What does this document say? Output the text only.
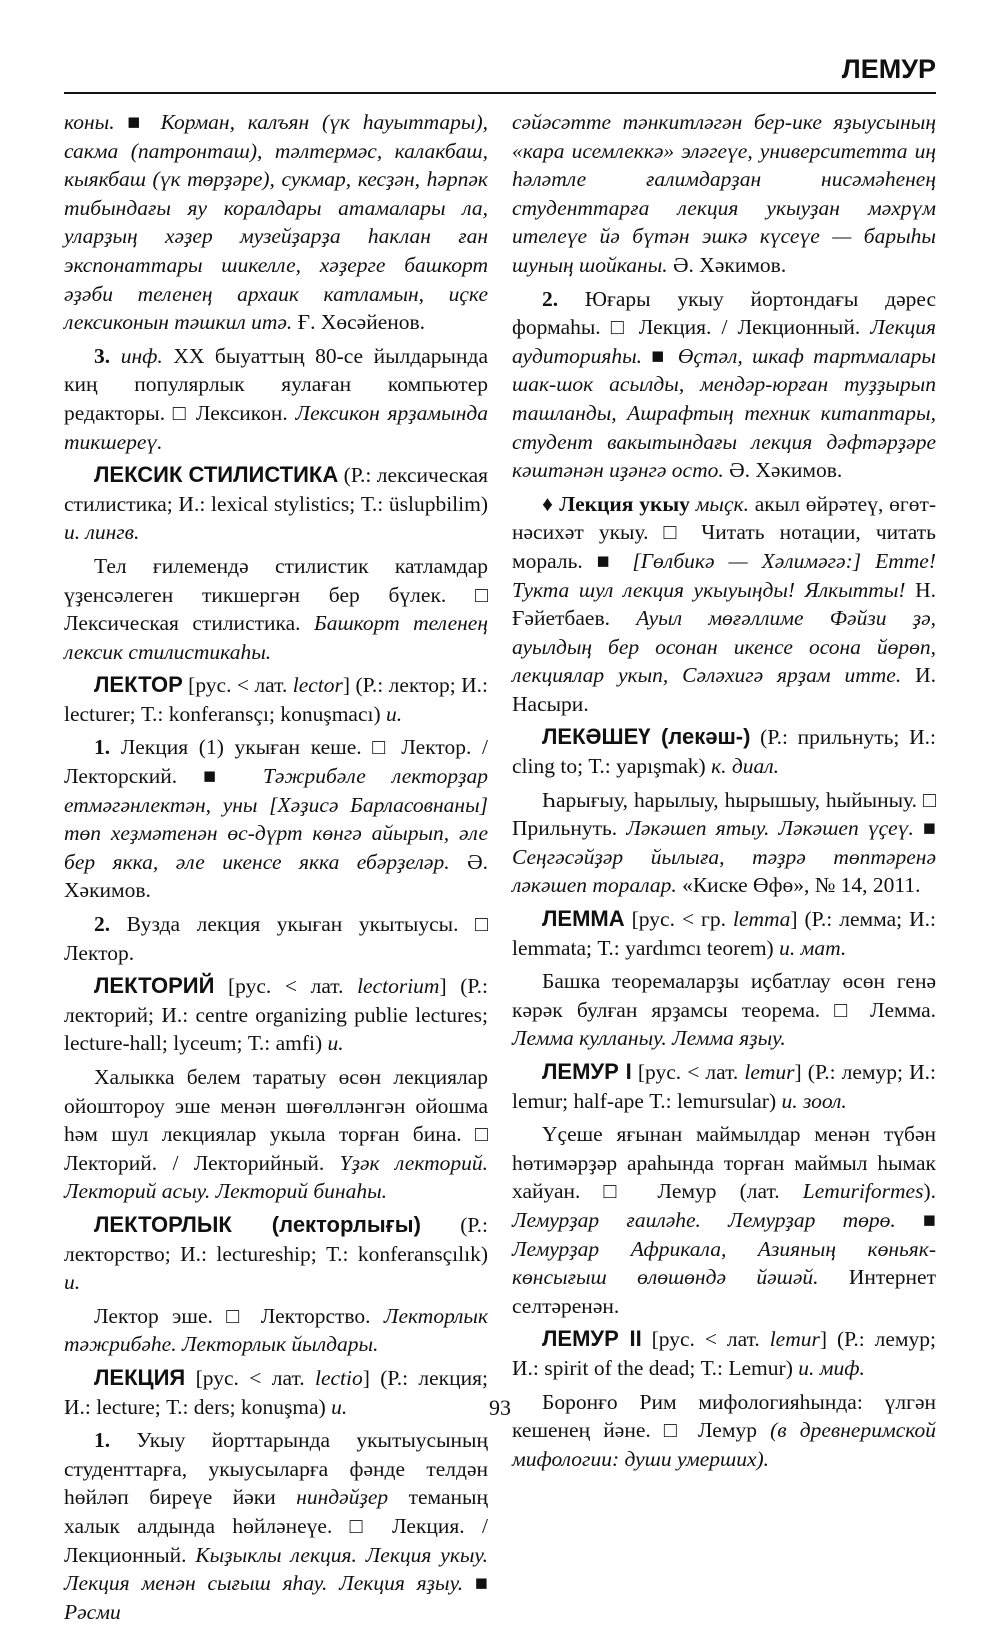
ЛЕМУР

коны. ■ Корман, калъян (үк һауыттары), сакма (патронташ), тәлтермәс, калакбаш, кыякбаш (үк төрҙәре), сукмар, кесҙән, һәрпәк тибындағы яу коралдары атамалары ла, уларҙың хәҙер музейҙарҙа һаклан ған экспонаттары шикелле, хәҙерге башкорт әҙәби теленең архаик катламын, иҫке лексиконын тәшкил итә. Ғ. Хөсәйенов.

3. инф. XX быуаттың 80-се йылдарында киң популярлык яулаған компьютер редакторы. □ Лексикон. Лексикон ярҙамында тикшереү.

ЛЕКСИК СТИЛИСТИКА (Р.: лексическая стилистика; И.: lexical stylistics; Т.: üslupbilim) и. лингв.

Тел ғилемендә стилистик катламдар үҙенсәлеген тикшергән бер бүлек. □ Лексическая стилистика. Башкорт теленең лексик стилистикаһы.

ЛЕКТОР [рус. < лат. lector] (Р.: лектор; И.: lecturer; Т.: konferansçı; konuşmacı) и.

1. Лекция (1) укыған кеше. □ Лектор. / Лекторский. ■ Тәжрибәле лекторҙар етмәгәнлектән, уны [Хәҙисә Барласовнаны] төп хеҙмәтенән өс-дүрт көнгә айырып, әле бер якка, әле икенсе якка ебәрҙеләр. Ә. Хәкимов.

2. Вузда лекция укыған укытыусы. □ Лектор.

ЛЕКТОРИЙ [рус. < лат. lectorium] (Р.: лекторий; И.: centre organizing publie lectures; lecture-hall; lyceum; Т.: amfi) и.

Халыкка белем таратыу өсөн лекциялар ойоштороу эше менән шөғөлләнгән ойошма һәм шул лекциялар укыла торған бина. □ Лекторий. / Лекторийный. Үҙәк лекторий. Лекторий асыу. Лекторий бинаһы.

ЛЕКТОРЛЫК (лекторлығы) (Р.: лекторство; И.: lectureship; Т.: konferansçılık) и.

Лектор эше. □ Лекторство. Лекторлык тәжрибәһе. Лекторлык йылдары.

ЛЕКЦИЯ [рус. < лат. lectio] (Р.: лекция; И.: lecture; Т.: ders; konuşma) и.

1. Укыу йорттарында укытыусының студенттарға, укыусыларға фәнде телдән һөйләп биреүе йәки ниндәйҙер теманың халык алдында һөйләнеүе. □ Лекция. / Лекционный. Кыҙыклы лекция. Лекция укыу. Лекция менән сығыш яһау. Лекция яҙыу. ■ Рәсми

сәйәсәтте тәнкитләгән бер-ике яҙыусының «кара исемлеккә» эләгеүе, университетта иң һәләтле ғалимдарҙан нисәмәһенең студенттарға лекция укыуҙан мәхрүм ителеүе йә бүтән эшкә күсеүе — барыһы шуның шойканы. Ә. Хәкимов.

2. Юғары укыу йортондағы дәрес формаһы. □ Лекция. / Лекционный. Лекция аудиторияһы. ■ Өҫтәл, шкаф тартмалары шак-шок асылды, мендәр-юрған туҙҙырып ташланды, Ашрафтың техник китаптары, студент вакытындағы лекция дәфтәрҙәре кәштәнән иҙәнгә осто. Ә. Хәкимов.

♦ Лекция укыу мыҫк. акыл өйрәтеү, өгөт-нәсихәт укыу. □ Читать нотации, читать мораль. ■ [Гөлбикә — Хәлимәгә:] Етте! Тукта шул лекция укыуыңды! Ялкытты! Н. Ғәйетбаев. Ауыл мөғәллиме Фәйзи ҙә, ауылдың бер осонан икенсе осона йөрөп, лекциялар укып, Сәләхигә ярҙам итте. И. Насыри.

ЛЕКӘШЕҮ (лекәш-) (Р.: прильнуть; И.: cling to; Т.: yapışmak) к. диал.

Һарығыу, һарылыу, һырышыу, һыйыныу. □ Прильнуть. Ләкәшеп ятыу. Ләкәшеп үҫеү. ■ Сеңгәсәйҙәр йылыға, тәҙрә төптәренә ләкәшеп торалар. «Киске Өфө», № 14, 2011.

ЛЕММА [рус. < гр. lemma] (Р.: лемма; И.: lemmata; Т.: yardımcı teorem) и. мат.

Башка теоремаларҙы иҫбатлау өсөн генә кәрәк булған ярҙамсы теорема. □ Лемма. Лемма кулланыу. Лемма яҙыу.

ЛЕМУР I [рус. < лат. lemur] (Р.: лемур; И.: lemur; half-ape Т.: lemursular) и. зоол.

Үҫеше яғынан маймылдар менән түбән һөтимәрҙәр араһында торған маймыл һымак хайуан. □ Лемур (лат. Lemuriformes). Лемурҙар ғаиләһе. Лемурҙар төрө. ■ Лемурҙар Африкала, Азияның көньяк-көнсығыш өлөшөндә йәшәй. Интернет селтәренән.

ЛЕМУР II [рус. < лат. lemur] (Р.: лемур; И.: spirit of the dead; Т.: Lemur) и. миф.

Боронғо Рим мифологияһында: үлгән кешенең йәне. □ Лемур (в древнеримской мифологии: души умерших).

93
